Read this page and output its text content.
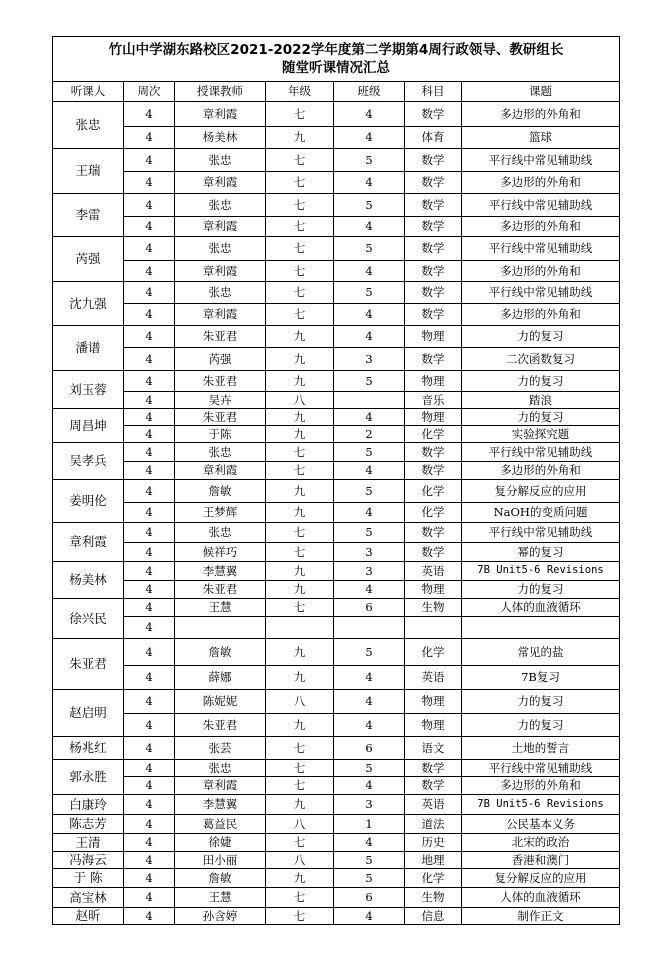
竹山中学湖东路校区2021-2022学年度第二学期第4周行政领导、教研组长
随堂听课情况汇总						

听课人	周次	授课教师	年级	班级	科目	课题
张忠	4	章利霞	七	4	数学	多边形的外角和
	4	杨美林	九	4	体育	篮球
王瑞	4	张忠	七	5	数学	平行线中常见辅助线
	4	章利霞	七	4	数学	多边形的外角和
李雷	4	张忠	七	5	数学	平行线中常见辅助线
	4	章利霞	七	4	数学	多边形的外角和
芮强	4	张忠	七	5	数学	平行线中常见辅助线
	4	章利霞	七	4	数学	多边形的外角和
沈九强	4	张忠	七	5	数学	平行线中常见辅助线
	4	章利霞	七	4	数学	多边形的外角和
潘谱	4	朱亚君	九	4	物理	力的复习
	4	芮强	九	3	数学	二次函数复习
刘玉蓉	4	朱亚君	九	5	物理	力的复习
	4	吴卉	八		音乐	踏浪
周昌坤	4	朱亚君	九	4	物理	力的复习
	4	于陈	九	2	化学	实验探究题
吴孝兵	4	张忠	七	5	数学	平行线中常见辅助线
	4	章利霞	七	4	数学	多边形的外角和
姜明伦	4	詹敏	九	5	化学	复分解反应的应用
	4	王梦辉	九	4	化学	NaOH的变质问题
章利霞	4	张忠	七	5	数学	平行线中常见辅助线
	4	候祥巧	七	3	数学	幂的复习
杨美林	4	李慧翼	九	3	英语	7B Unit5-6 Revisions
	4	朱亚君	九	4	物理	力的复习
徐兴民	4	王慧	七	6	生物	人体的血液循环
	4					
朱亚君	4	詹敏	九	5	化学	常见的盐
	4	薛娜	九	4	英语	7B复习
赵启明	4	陈妮妮	八	4	物理	力的复习
	4	朱亚君	九	4	物理	力的复习
杨兆红	4	张芸	七	6	语文	土地的誓言
郭永胜	4	张忠	七	5	数学	平行线中常见辅助线
	4	章利霞	七	4	数学	多边形的外角和
白康玲	4	李慧翼	九	3	英语	7B Unit5-6 Revisions
陈志芳	4	葛益民	八	1	道法	公民基本义务
王清	4	徐婕	七	4	历史	北宋的政治
冯海云	4	田小丽	八	5	地理	香港和澳门
于 陈	4	詹敏	九	5	化学	复分解反应的应用
高宝林	4	王慧	七	6	生物	人体的血液循环
赵昕	4	孙含婷	七	4	信息	制作正文
